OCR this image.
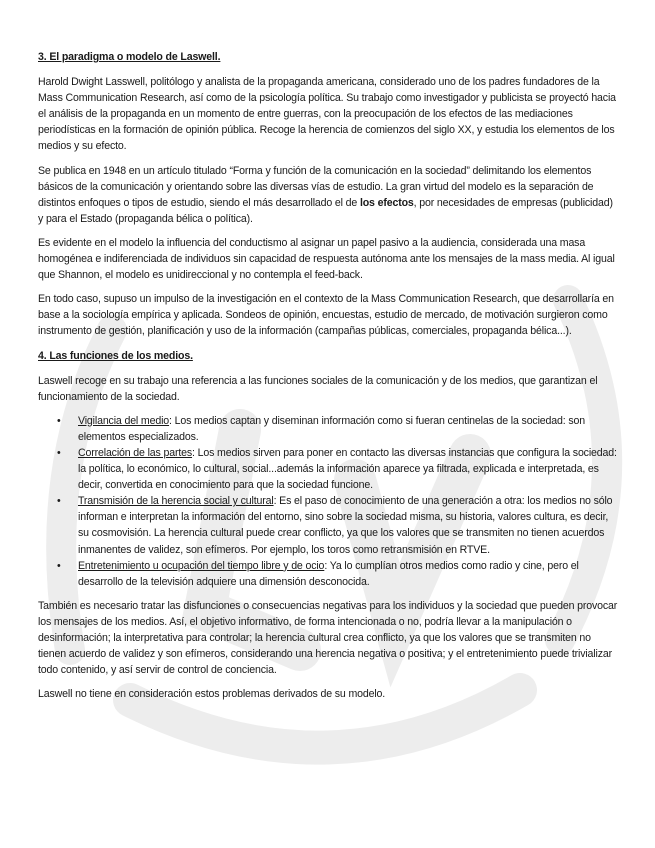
3. El paradigma o modelo de Laswell.

Harold Dwight Lasswell, politólogo y analista de la propaganda americana, considerado uno de los padres fundadores de la Mass Communication Research, así como de la psicología política. Su trabajo como investigador y publicista se proyectó hacia el análisis de la propaganda en un momento de entre guerras, con la preocupación de los efectos de las mediaciones periodísticas en la formación de opinión pública. Recoge la herencia de comienzos del siglo XX, y estudia los elementos de los medios y su efecto.

Se publica en 1948 en un artículo titulado “Forma y función de la comunicación en la sociedad” delimitando los elementos básicos de la comunicación y orientando sobre las diversas vías de estudio. La gran virtud del modelo es la separación de distintos enfoques o tipos de estudio, siendo el más desarrollado el de los efectos, por necesidades de empresas (publicidad) y para el Estado (propaganda bélica o política).

Es evidente en el modelo la influencia del conductismo al asignar un papel pasivo a la audiencia, considerada una masa homogénea e indiferenciada de individuos sin capacidad de respuesta autónoma ante los mensajes de la mass media. Al igual que Shannon, el modelo es unidireccional y no contempla el feed-back.

En todo caso, supuso un impulso de la investigación en el contexto de la Mass Communication Research, que desarrollaría en base a la sociología empírica y aplicada. Sondeos de opinión, encuestas, estudio de mercado, de motivación surgieron como instrumento de gestión, planificación y uso de la información (campañas públicas, comerciales, propaganda bélica...).

4. Las funciones de los medios.

Laswell recoge en su trabajo una referencia a las funciones sociales de la comunicación y de los medios, que garantizan el funcionamiento de la sociedad.

• Vigilancia del medio: Los medios captan y diseminan información como si fueran centinelas de la sociedad: son elementos especializados.
• Correlación de las partes: Los medios sirven para poner en contacto las diversas instancias que configura la sociedad: la política, lo económico, lo cultural, social...además la información aparece ya filtrada, explicada e interpretada, es decir, convertida en conocimiento para que la sociedad funcione.
• Transmisión de la herencia social y cultural: Es el paso de conocimiento de una generación a otra: los medios no sólo informan e interpretan la información del entorno, sino sobre la sociedad misma, su historia, valores cultura, es decir, su cosmovisión. La herencia cultural puede crear conflicto, ya que los valores que se transmiten no tienen acuerdos inmanentes de validez, son efímeros. Por ejemplo, los toros como retransmisión en RTVE.
• Entretenimiento u ocupación del tiempo libre y de ocio: Ya lo cumplían otros medios como radio y cine, pero el desarrollo de la televisión adquiere una dimensión desconocida.

También es necesario tratar las disfunciones o consecuencias negativas para los individuos y la sociedad que pueden provocar los mensajes de los medios. Así, el objetivo informativo, de forma intencionada o no, podría llevar a la manipulación o desinformación; la interpretativa para controlar; la herencia cultural crea conflicto, ya que los valores que se transmiten no tienen acuerdo de validez y son efímeros, considerando una herencia negativa o positiva; y el entretenimiento puede trivializar todo contenido, y así servir de control de conciencia.

Laswell no tiene en consideración estos problemas derivados de su modelo.
